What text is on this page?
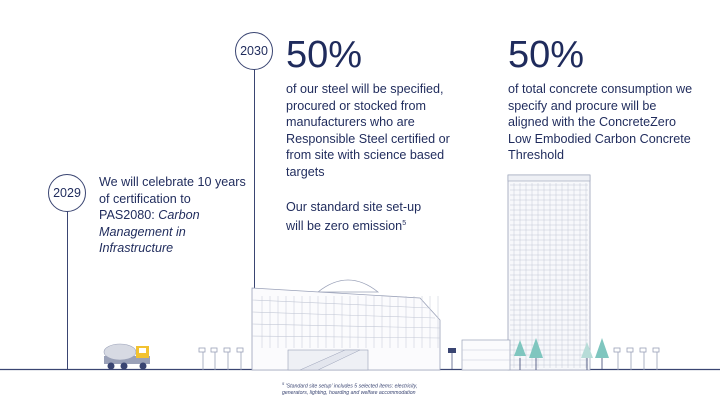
2029
2030
We will celebrate 10 years of certification to PAS2080: Carbon Management in Infrastructure
50%
of our steel will be specified, procured or stocked from manufacturers who are Responsible Steel certified or from site with science based targets
Our standard site set-up will be zero emission$^5$
50%
of total concrete consumption we specify and procure will be aligned with the ConcreteZero Low Embodied Carbon Concrete Threshold
$^5$ 'Standard site setup' includes 5 selected items: electricity,
generators, lighting, hoarding and welfare accommodation
